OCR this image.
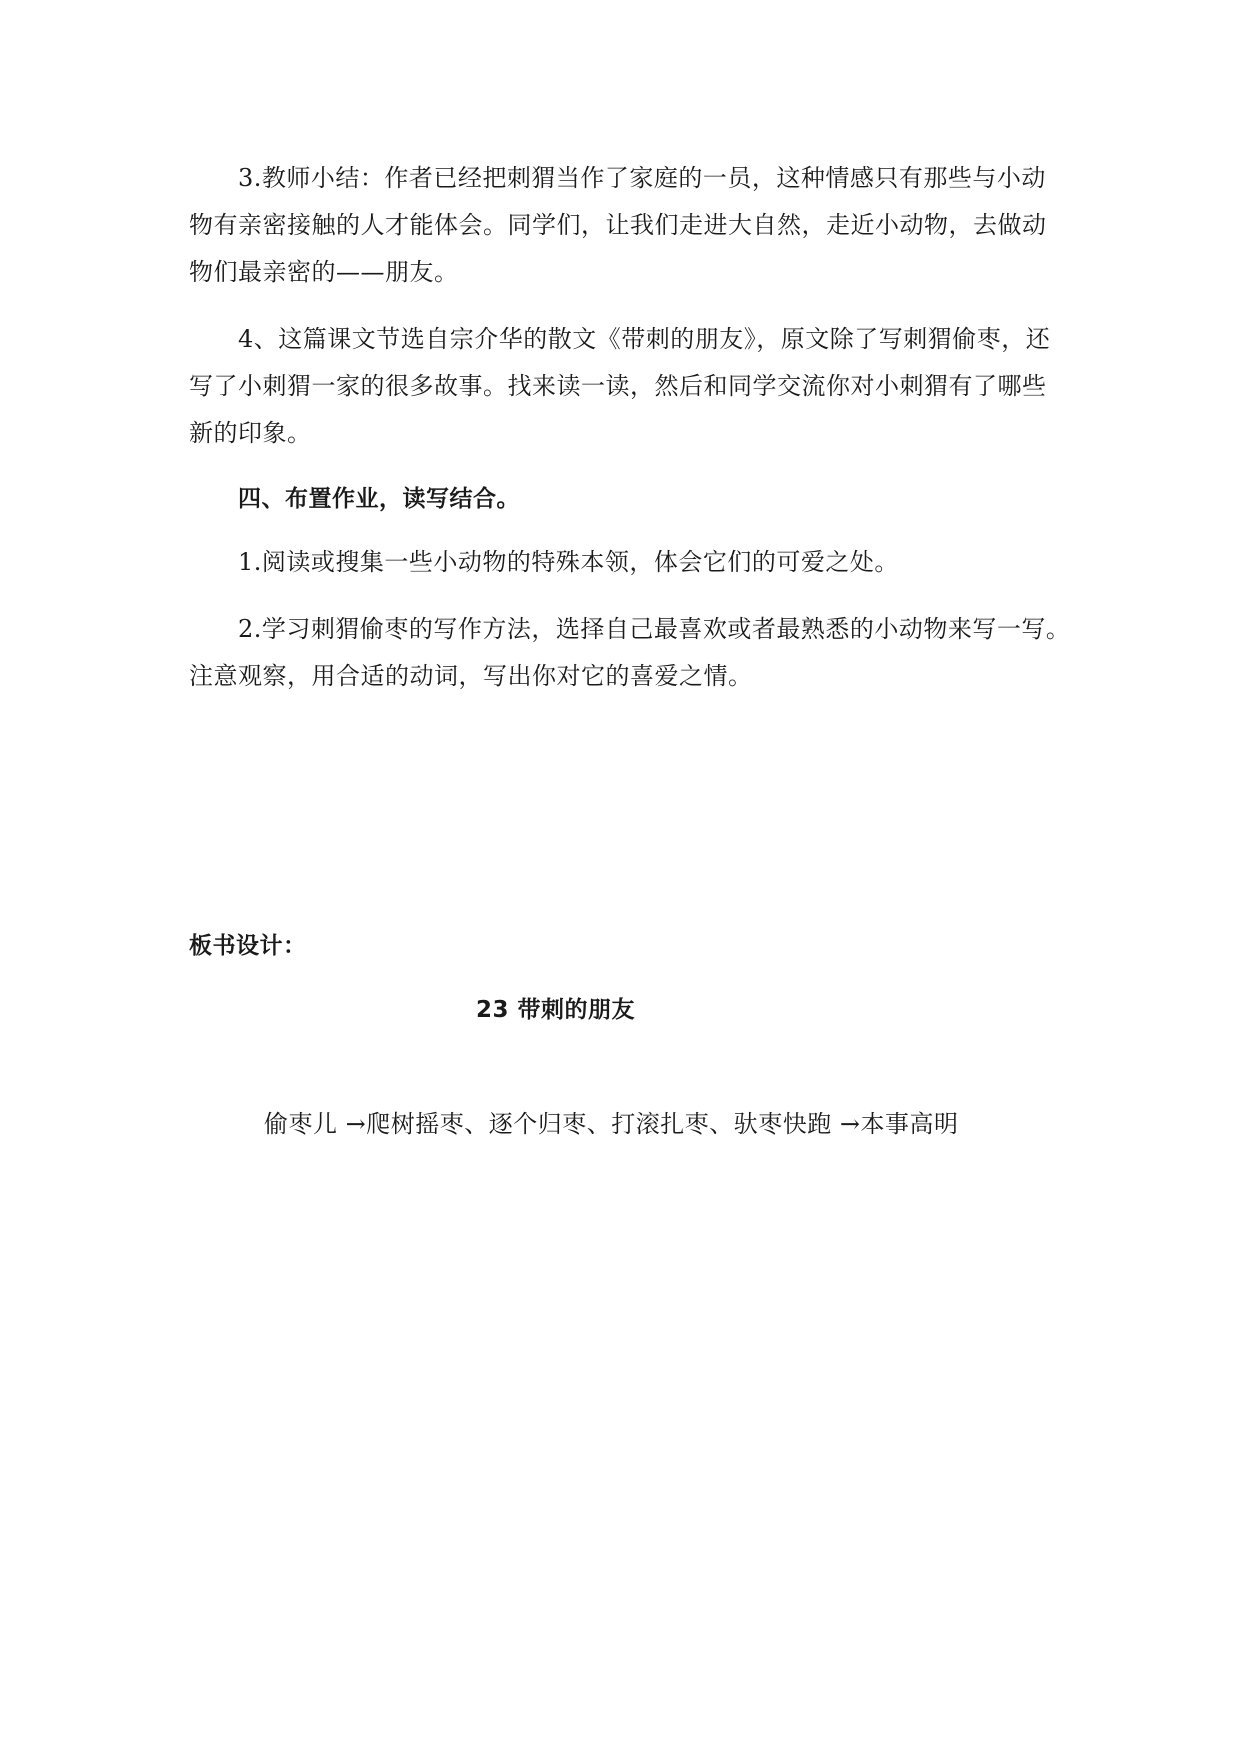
3.教师小结：作者已经把刺猬当作了家庭的一员，这种情感只有那些与小动
物有亲密接触的人才能体会。同学们，让我们走进大自然，走近小动物，去做动
物们最亲密的——朋友。
4、这篇课文节选自宗介华的散文《带刺的朋友》，原文除了写刺猬偷枣，还
写了小刺猬一家的很多故事。找来读一读，然后和同学交流你对小刺猬有了哪些
新的印象。
四、布置作业，读写结合。
1.阅读或搜集一些小动物的特殊本领，体会它们的可爱之处。
2.学习刺猬偷枣的写作方法，选择自己最喜欢或者最熟悉的小动物来写一写。
注意观察，用合适的动词，写出你对它的喜爱之情。
板书设计：
23 带刺的朋友
偷枣儿 →爬树摇枣、逐个归枣、打滚扎枣、驮枣快跑 →本事高明
